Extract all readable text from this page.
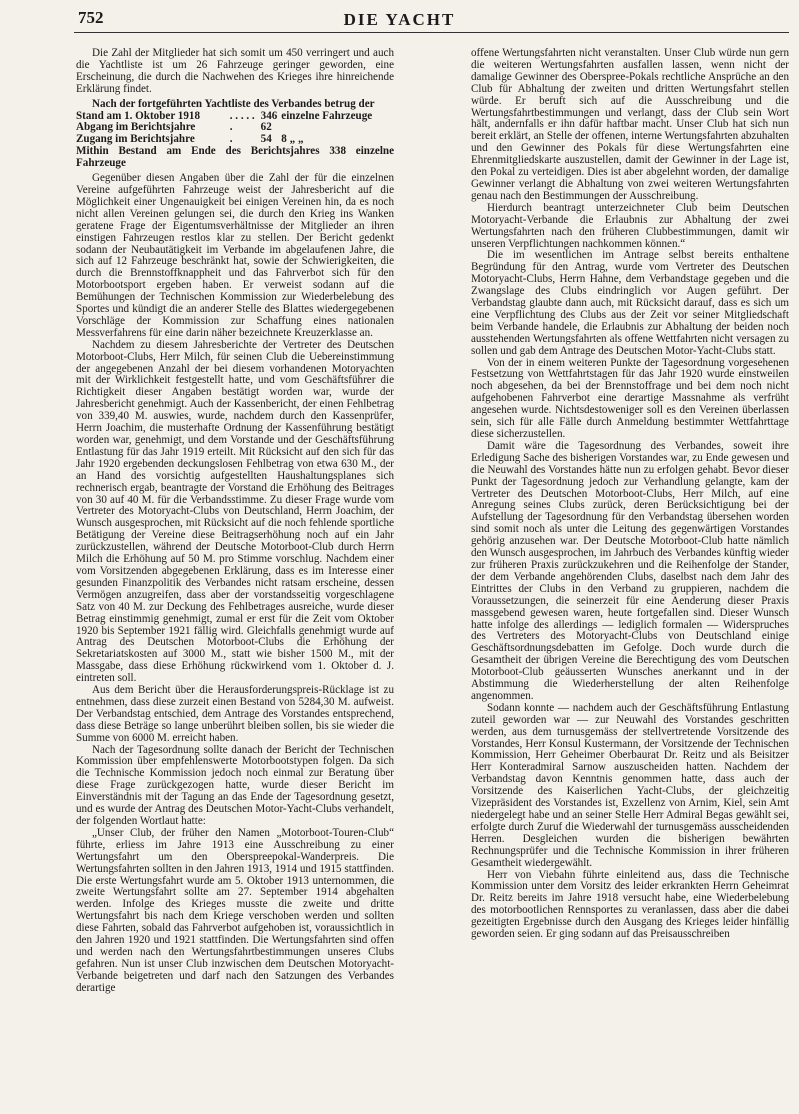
752	DIE YACHT

Die Zahl der Mitglieder hat sich somit um 450 verringert und auch die Yachtliste ist um 26 Fahrzeuge geringer geworden, eine Erscheinung, die durch die Nachwehen des Krieges ihre hinreichende Erklärung findet.

Nach der fortgeführten Yachtliste des Verbandes betrug der

Stand am 1. Oktober 1918	. . . . .	346	einzelne Fahrzeuge
Abgang im Berichtsjahre	.	62	
Zugang im Berichtsjahre	.	54	8 „ „

Mithin Bestand am Ende des Berichtsjahres 338 einzelne Fahrzeuge

Gegenüber diesen Angaben über die Zahl der für die einzelnen Vereine aufgeführten Fahrzeuge weist der Jahresbericht auf die Möglichkeit einer Ungenauigkeit bei einigen Vereinen hin, da es noch nicht allen Vereinen gelungen sei, die durch den Krieg ins Wanken geratene Frage der Eigentumsverhältnisse der Mitglieder an ihren einstigen Fahrzeugen restlos klar zu stellen. Der Bericht gedenkt sodann der Neubautätigkeit im Verbande im abgelaufenen Jahre, die sich auf 12 Fahrzeuge beschränkt hat, sowie der Schwierigkeiten, die durch die Brennstoffknappheit und das Fahrverbot sich für den Motorbootsport ergeben haben. Er verweist sodann auf die Bemühungen der Technischen Kommission zur Wiederbelebung des Sportes und kündigt die an anderer Stelle des Blattes wiedergegebenen Vorschläge der Kommission zur Schaffung eines nationalen Messverfahrens für eine darin näher bezeichnete Kreuzerklasse an.

Nachdem zu diesem Jahresberichte der Vertreter des Deutschen Motorboot-Clubs, Herr Milch, für seinen Club die Uebereinstimmung der angegebenen Anzahl der bei diesem vorhandenen Motoryachten mit der Wirklichkeit festgestellt hatte, und vom Geschäftsführer die Richtigkeit dieser Angaben bestätigt worden war, wurde der Jahresbericht genehmigt. Auch der Kassenbericht, der einen Fehlbetrag von 339,40 M. auswies, wurde, nachdem durch den Kassenprüfer, Herrn Joachim, die musterhafte Ordnung der Kassenführung bestätigt worden war, genehmigt, und dem Vorstande und der Geschäftsführung Entlastung für das Jahr 1919 erteilt. Mit Rücksicht auf den sich für das Jahr 1920 ergebenden deckungslosen Fehlbetrag von etwa 630 M., der an Hand des vorsichtig aufgestellten Haushaltungsplanes sich rechnerisch ergab, beantragte der Vorstand die Erhöhung des Beitrages von 30 auf 40 M. für die Verbandsstimme. Zu dieser Frage wurde vom Vertreter des Motoryacht-Clubs von Deutschland, Herrn Joachim, der Wunsch ausgesprochen, mit Rücksicht auf die noch fehlende sportliche Betätigung der Vereine diese Beitragserhöhung noch auf ein Jahr zurückzustellen, während der Deutsche Motorboot-Club durch Herrn Milch die Erhöhung auf 50 M. pro Stimme vorschlug. Nachdem einer vom Vorsitzenden abgegebenen Erklärung, dass es im Interesse einer gesunden Finanzpolitik des Verbandes nicht ratsam erscheine, dessen Vermögen anzugreifen, dass aber der vorstandsseitig vorgeschlagene Satz von 40 M. zur Deckung des Fehlbetrages ausreiche, wurde dieser Betrag einstimmig genehmigt, zumal er erst für die Zeit vom Oktober 1920 bis September 1921 fällig wird. Gleichfalls genehmigt wurde auf Antrag des Deutschen Motorboot-Clubs die Erhöhung der Sekretariatskosten auf 3000 M., statt wie bisher 1500 M., mit der Massgabe, dass diese Erhöhung rückwirkend vom 1. Oktober d. J. eintreten soll.

Aus dem Bericht über die Herausforderungspreis-Rücklage ist zu entnehmen, dass diese zurzeit einen Bestand von 5284,30 M. aufweist. Der Verbandstag entschied, dem Antrage des Vorstandes entsprechend, dass diese Beträge so lange unberührt bleiben sollen, bis sie wieder die Summe von 6000 M. erreicht haben.

Nach der Tagesordnung sollte danach der Bericht der Technischen Kommission über empfehlenswerte Motorbootstypen folgen. Da sich die Technische Kommission jedoch noch einmal zur Beratung über diese Frage zurückgezogen hatte, wurde dieser Bericht im Einverständnis mit der Tagung an das Ende der Tagesordnung gesetzt, und es wurde der Antrag des Deutschen Motor-Yacht-Clubs verhandelt, der folgenden Wortlaut hatte:

„Unser Club, der früher den Namen „Motorboot-Touren-Club“ führte, erliess im Jahre 1913 eine Ausschreibung zu einer Wertungsfahrt um den Oberspreepokal-Wanderpreis. Die Wertungsfahrten sollten in den Jahren 1913, 1914 und 1915 stattfinden. Die erste Wertungsfahrt wurde am 5. Oktober 1913 unternommen, die zweite Wertungsfahrt sollte am 27. September 1914 abgehalten werden. Infolge des Krieges musste die zweite und dritte Wertungsfahrt bis nach dem Kriege verschoben werden und sollten diese Fahrten, sobald das Fahrverbot aufgehoben ist, voraussichtlich in den Jahren 1920 und 1921 stattfinden. Die Wertungsfahrten sind offen und werden nach den Wertungsfahrtbestimmungen unseres Clubs gefahren. Nun ist unser Club inzwischen dem Deutschen Motoryacht-Verbande beigetreten und darf nach den Satzungen des Verbandes derartige

offene Wertungsfahrten nicht veranstalten. Unser Club würde nun gern die weiteren Wertungsfahrten ausfallen lassen, wenn nicht der damalige Gewinner des Oberspree-Pokals rechtliche Ansprüche an den Club für Abhaltung der zweiten und dritten Wertungsfahrt stellen würde. Er beruft sich auf die Ausschreibung und die Wertungsfahrtbestimmungen und verlangt, dass der Club sein Wort hält, andernfalls er ihn dafür haftbar macht. Unser Club hat sich nun bereit erklärt, an Stelle der offenen, interne Wertungsfahrten abzuhalten und den Gewinner des Pokals für diese Wertungsfahrten eine Ehrenmitgliedskarte auszustellen, damit der Gewinner in der Lage ist, den Pokal zu verteidigen. Dies ist aber abgelehnt worden, der damalige Gewinner verlangt die Abhaltung von zwei weiteren Wertungsfahrten genau nach den Bestimmungen der Ausschreibung.

Hierdurch beantragt unterzeichneter Club beim Deutschen Motoryacht-Verbande die Erlaubnis zur Abhaltung der zwei Wertungsfahrten nach den früheren Clubbestimmungen, damit wir unseren Verpflichtungen nachkommen können.“

Die im wesentlichen im Antrage selbst bereits enthaltene Begründung für den Antrag, wurde vom Vertreter des Deutschen Motoryacht-Clubs, Herrn Hahne, dem Verbandstage gegeben und die Zwangslage des Clubs eindringlich vor Augen geführt. Der Verbandstag glaubte dann auch, mit Rücksicht darauf, dass es sich um eine Verpflichtung des Clubs aus der Zeit vor seiner Mitgliedschaft beim Verbande handele, die Erlaubnis zur Abhaltung der beiden noch ausstehenden Wertungsfahrten als offene Wettfahrten nicht versagen zu sollen und gab dem Antrage des Deutschen Motor-Yacht-Clubs statt.

Von der in einem weiteren Punkte der Tagesordnung vorgesehenen Festsetzung von Wettfahrtstagen für das Jahr 1920 wurde einstweilen noch abgesehen, da bei der Brennstoffrage und bei dem noch nicht aufgehobenen Fahrverbot eine derartige Massnahme als verfrüht angesehen wurde. Nichtsdestoweniger soll es den Vereinen überlassen sein, sich für alle Fälle durch Anmeldung bestimmter Wettfahrttage diese sicherzustellen.

Damit wäre die Tagesordnung des Verbandes, soweit ihre Erledigung Sache des bisherigen Vorstandes war, zu Ende gewesen und die Neuwahl des Vorstandes hätte nun zu erfolgen gehabt. Bevor dieser Punkt der Tagesordnung jedoch zur Verhandlung gelangte, kam der Vertreter des Deutschen Motorboot-Clubs, Herr Milch, auf eine Anregung seines Clubs zurück, deren Berücksichtigung bei der Aufstellung der Tagesordnung für den Verbandstag übersehen worden sind somit noch als unter die Leitung des gegenwärtigen Vorstandes gehörig anzusehen war. Der Deutsche Motorboot-Club hatte nämlich den Wunsch ausgesprochen, im Jahrbuch des Verbandes künftig wieder zur früheren Praxis zurückzukehren und die Reihenfolge der Stander, der dem Verbande angehörenden Clubs, daselbst nach dem Jahr des Eintrittes der Clubs in den Verband zu gruppieren, nachdem die Voraussetzungen, die seinerzeit für eine Aenderung dieser Praxis massgebend gewesen waren, heute fortgefallen sind. Dieser Wunsch hatte infolge des allerdings — lediglich formalen — Widerspruches des Vertreters des Motoryacht-Clubs von Deutschland einige Geschäftsordnungsdebatten im Gefolge. Doch wurde durch die Gesamtheit der übrigen Vereine die Berechtigung des vom Deutschen Motorboot-Club geäusserten Wunsches anerkannt und in der Abstimmung die Wiederherstellung der alten Reihenfolge angenommen.

Sodann konnte — nachdem auch der Geschäftsführung Entlastung zuteil geworden war — zur Neuwahl des Vorstandes geschritten werden, aus dem turnusgemäss der stellvertretende Vorsitzende des Vorstandes, Herr Konsul Kustermann, der Vorsitzende der Technischen Kommission, Herr Geheimer Oberbaurat Dr. Reitz und als Beisitzer Herr Konteradmiral Sarnow auszuscheiden hatten. Nachdem der Verbandstag davon Kenntnis genommen hatte, dass auch der Vorsitzende des Kaiserlichen Yacht-Clubs, der gleichzeitig Vizepräsident des Vorstandes ist, Exzellenz von Arnim, Kiel, sein Amt niedergelegt habe und an seiner Stelle Herr Admiral Begas gewählt sei, erfolgte durch Zuruf die Wiederwahl der turnusgemäss ausscheidenden Herren. Desgleichen wurden die bisherigen bewährten Rechnungsprüfer und die Technische Kommission in ihrer früheren Gesamtheit wiedergewählt.

Herr von Viebahn führte einleitend aus, dass die Technische Kommission unter dem Vorsitz des leider erkrankten Herrn Geheimrat Dr. Reitz bereits im Jahre 1918 versucht habe, eine Wiederbelebung des motorbootlichen Rennsportes zu veranlassen, dass aber die dabei gezeitigten Ergebnisse durch den Ausgang des Krieges leider hinfällig geworden seien. Er ging sodann auf das Preisausschreiben
